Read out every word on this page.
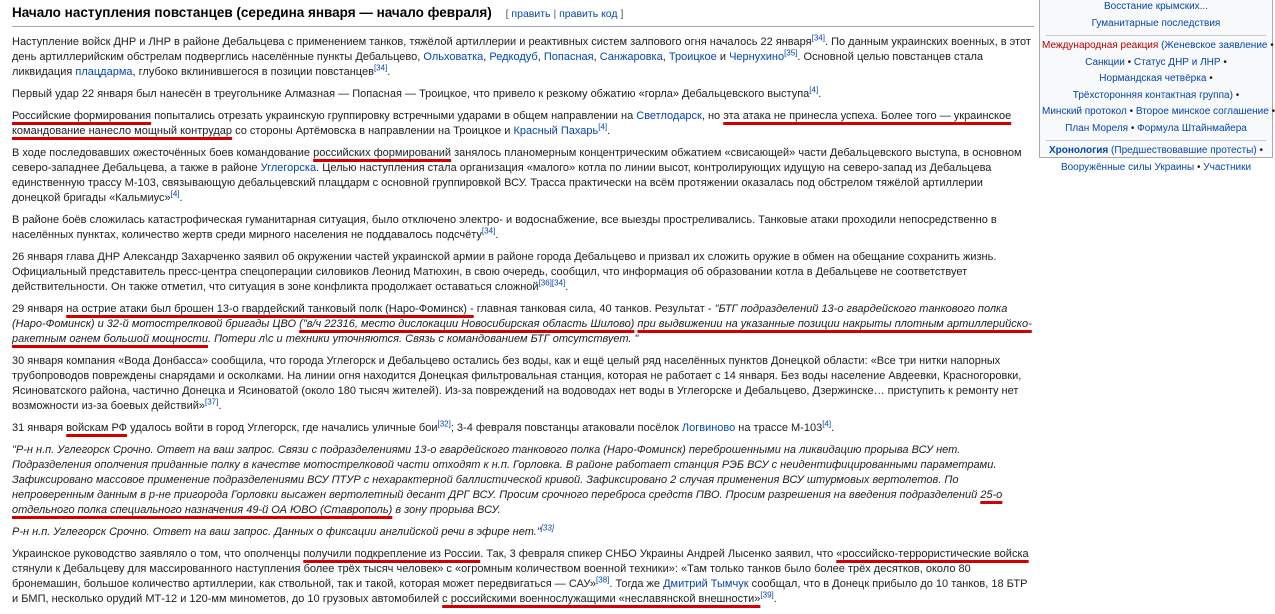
Начало наступления повстанцев (середина января — начало февраля) [ править | править код ]

Наступление войск ДНР и ЛНР в районе Дебальцева с применением танков, тяжёлой артиллерии и реактивных систем залпового огня началось 22 января[34]. По данным украинских военных, в этот день артиллерийским обстрелам подверглись населённые пункты Дебальцево, Ольховатка, Редкодуб, Попасная, Санжаровка, Троицкое и Чернухино[35]. Основной целью повстанцев стала ликвидация плацдарма, глубоко вклинившегося в позиции повстанцев[34].

Первый удар 22 января был нанесён в треугольнике Алмазная — Попасная — Троицкое, что привело к резкому обжатию «горла» Дебальцевского выступа[4].

Российские формирования попытались отрезать украинскую группировку встречными ударами в общем направлении на Светлодарск, но эта атака не принесла успеха. Более того — украинское командование нанесло мощный контрудар со стороны Артёмовска в направлении на Троицкое и Красный Пахарь[4].

В ходе последовавших ожесточённых боев командование российских формирований занялось планомерным концентрическим обжатием «свисающей» части Дебальцевского выступа, в основном северо-западнее Дебальцева, а также в районе Углегорска. Целью наступления стала организация «малого» котла по линии высот, контролирующих идущую на северо-запад из Дебальцева единственную трассу М-103, связывающую дебальцевский плацдарм с основной группировкой ВСУ. Трасса практически на всём протяжении оказалась под обстрелом тяжёлой артиллерии донецкой бригады «Кальмиус»[4].

В районе боёв сложилась катастрофическая гуманитарная ситуация, было отключено электро- и водоснабжение, все выезды простреливались. Танковые атаки проходили непосредственно в населённых пунктах, количество жертв среди мирного населения не поддавалось подсчёту[34].

26 января глава ДНР Александр Захарченко заявил об окружении частей украинской армии в районе города Дебальцево и призвал их сложить оружие в обмен на обещание сохранить жизнь. Официальный представитель пресс-центра спецоперации силовиков Леонид Матюхин, в свою очередь, сообщил, что информация об образовании котла в Дебальцеве не соответствует действительности. Он также отметил, что ситуация в зоне конфликта продолжает оставаться сложной[36][34].

29 января на острие атаки был брошен 13-о гвардейский танковый полк (Наро-Фоминск) - главная танковая сила, 40 танков. Результат - "БТГ подразделений 13-о гвардейского танкового полка (Наро-Фоминск) и 32-й мотострелковой бригады ЦВО ("в/ч 22316, место дислокации Новосибирская область Шилово) при выдвижении на указанные позиции накрыты плотным артиллерийско-ракетным огнем большой мощности. Потери л\с и техники уточняются. Связь с командованием БТГ отсутствует. "

30 января компания «Вода Донбасса» сообщила, что города Углегорск и Дебальцево остались без воды, как и ещё целый ряд населённых пунктов Донецкой области: «Все три нитки напорных трубопроводов повреждены снарядами и осколками. На линии огня находится Донецкая фильтровальная станция, которая не работает с 14 января. Без воды население Авдеевки, Красногоровки, Ясиноватского района, частично Донецка и Ясиноватой (около 180 тысяч жителей). Из-за повреждений на водоводах нет воды в Углегорске и Дебальцево, Дзержинске… приступить к ремонту нет возможности из-за боевых действий»[37].

31 января войскам РФ удалось войти в город Углегорск, где начались уличные бои[32]; 3-4 февраля повстанцы атаковали посёлок Логвиново на трассе М-103[4].

"Р-н н.п. Углегорск Срочно. Ответ на ваш запрос. Связи с подразделениями 13-о гвардейского танкового полка (Наро-Фоминск) переброшенными на ликвидацию прорыва ВСУ нет. Подразделения ополчения приданные полку в качестве мотострелковой части отходят к н.п. Горловка. В районе работает станция РЭБ ВСУ с неидентифицированными параметрами. Зафиксировано массовое применение подразделениями ВСУ ПТУР с нехарактерной баллистической кривой. Зафиксировано 2 случая применения ВСУ штурмовых вертолетов. По непроверенным данным в р-не пригорода Горловки высажен вертолетный десант ДРГ ВСУ. Просим срочного переброса средств ПВО. Просим разрешения на введения подразделений 25-о отдельного полка специального назначения 49-й ОА ЮВО (Ставрополь) в зону прорыва ВСУ.

Р-н н.п. Углегорск Срочно. Ответ на ваш запрос. Данных о фиксации английской речи в эфире нет."[33]

Украинское руководство заявляло о том, что ополченцы получили подкрепление из России. Так, 3 февраля спикер СНБО Украины Андрей Лысенко заявил, что «российско-террористические войска стянули к Дебальцеву для массированного наступления более трёх тысяч человек» с «огромным количеством военной техники»: «Там только танков было более трёх десятков, около 80 бронемашин, большое количество артиллерии, как ствольной, так и такой, которая может передвигаться — САУ»[38]. Тогда же Дмитрий Тымчук сообщал, что в Донецк прибыло до 10 танков, 18 БТР и БМП, несколько орудий МТ-12 и 120-мм минометов, до 10 грузовых автомобилей с российскими военнослужащими «неславянской внешности»[39].

Восстание крымских...
Гуманитарные последствия
Международная реакция (Женевское заявление •
Санкции • Статус ДНР и ЛНР •
Нормандская четвёрка •
Трёхсторонняя контактная группа) •
Минский протокол • Второе минское соглашение •
План Мореля • Формула Штайнмайера
Хронология (Предшествовавшие протесты) •
Вооружённые силы Украины • Участники
